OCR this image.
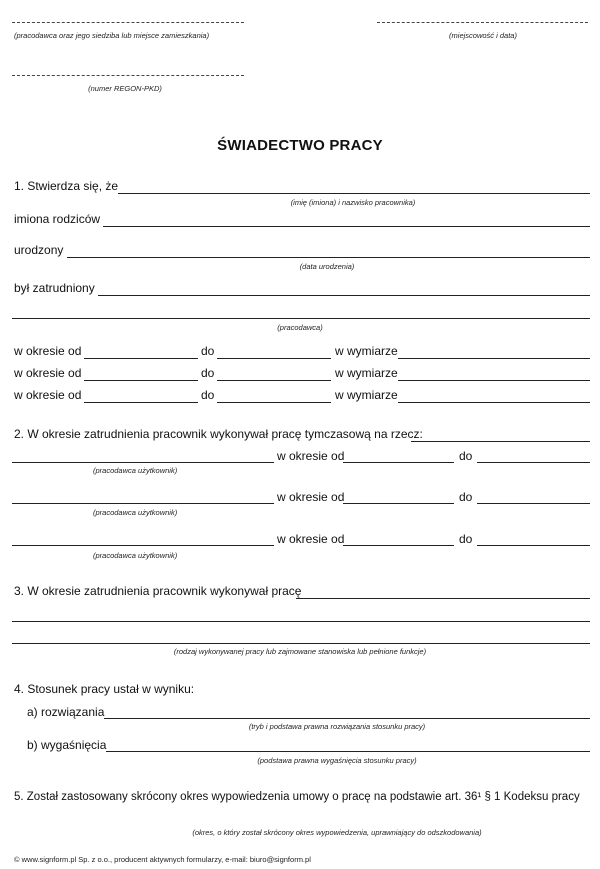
(pracodawca oraz jego siedziba lub miejsce zamieszkania)	(miejscowość i data)
(numer REGON-PKD)
ŚWIADECTWO PRACY
1. Stwierdza się, że
(imię (imiona) i nazwisko pracownika)
imiona rodziców
urodzony
(data urodzenia)
był zatrudniony
(pracodawca)
w okresie od	do	w wymiarze
w okresie od	do	w wymiarze
w okresie od	do	w wymiarze
2. W okresie zatrudnienia pracownik wykonywał pracę tymczasową na rzecz:
w okresie od	do
(pracodawca użytkownik)
w okresie od	do
(pracodawca użytkownik)
w okresie od	do
(pracodawca użytkownik)
3. W okresie zatrudnienia pracownik wykonywał pracę
(rodzaj wykonywanej pracy lub zajmowane stanowiska lub pełnione funkcje)
4. Stosunek pracy ustał w wyniku:
a) rozwiązania
(tryb i podstawa prawna rozwiązania stosunku pracy)
b) wygaśnięcia
(podstawa prawna wygaśnięcia stosunku pracy)
5. Został zastosowany skrócony okres wypowiedzenia umowy o pracę na podstawie art. 36¹ § 1 Kodeksu pracy
(okres, o który został skrócony okres wypowiedzenia, uprawniający do odszkodowania)
© www.signform.pl Sp. z o.o., producent aktywnych formularzy, e-mail: biuro@signform.pl
